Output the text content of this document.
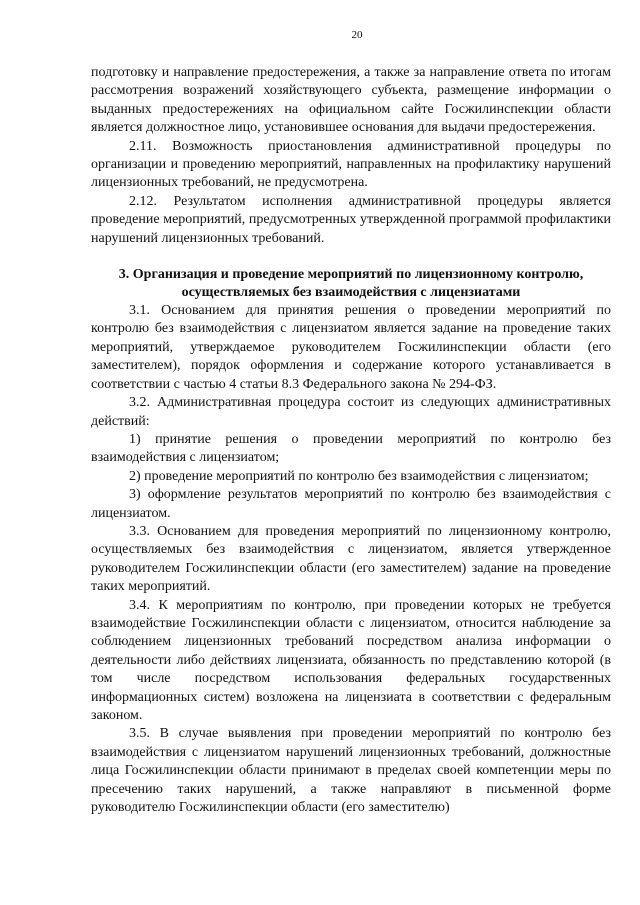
20

подготовку и направление предостережения, а также за направление ответа по итогам рассмотрения возражений хозяйствующего субъекта, размещение информации о выданных предостережениях на официальном сайте Госжилинспекции области является должностное лицо, установившее основания для выдачи предостережения.

2.11. Возможность приостановления административной процедуры по организации и проведению мероприятий, направленных на профилактику нарушений лицензионных требований, не предусмотрена.

2.12. Результатом исполнения административной процедуры является проведение мероприятий, предусмотренных утвержденной программой профилактики нарушений лицензионных требований.

3. Организация и проведение мероприятий по лицензионному контролю,
осуществляемых без взаимодействия с лицензиатами

3.1. Основанием для принятия решения о проведении мероприятий по контролю без взаимодействия с лицензиатом является задание на проведение таких мероприятий, утверждаемое руководителем Госжилинспекции области (его заместителем), порядок оформления и содержание которого устанавливается в соответствии с частью 4 статьи 8.3 Федерального закона № 294-ФЗ.

3.2. Административная процедура состоит из следующих административных действий:

1) принятие решения о проведении мероприятий по контролю без взаимодействия с лицензиатом;

2) проведение мероприятий по контролю без взаимодействия с лицензиатом;

3) оформление результатов мероприятий по контролю без взаимодействия с лицензиатом.

3.3. Основанием для проведения мероприятий по лицензионному контролю, осуществляемых без взаимодействия с лицензиатом, является утвержденное руководителем Госжилинспекции области (его заместителем) задание на проведение таких мероприятий.

3.4. К мероприятиям по контролю, при проведении которых не требуется взаимодействие Госжилинспекции области с лицензиатом, относится наблюдение за соблюдением лицензионных требований посредством анализа информации о деятельности либо действиях лицензиата, обязанность по представлению которой (в том числе посредством использования федеральных государственных информационных систем) возложена на лицензиата в соответствии с федеральным законом.

3.5. В случае выявления при проведении мероприятий по контролю без взаимодействия с лицензиатом нарушений лицензионных требований, должностные лица Госжилинспекции области принимают в пределах своей компетенции меры по пресечению таких нарушений, а также направляют в письменной форме руководителю Госжилинспекции области (его заместителю)
